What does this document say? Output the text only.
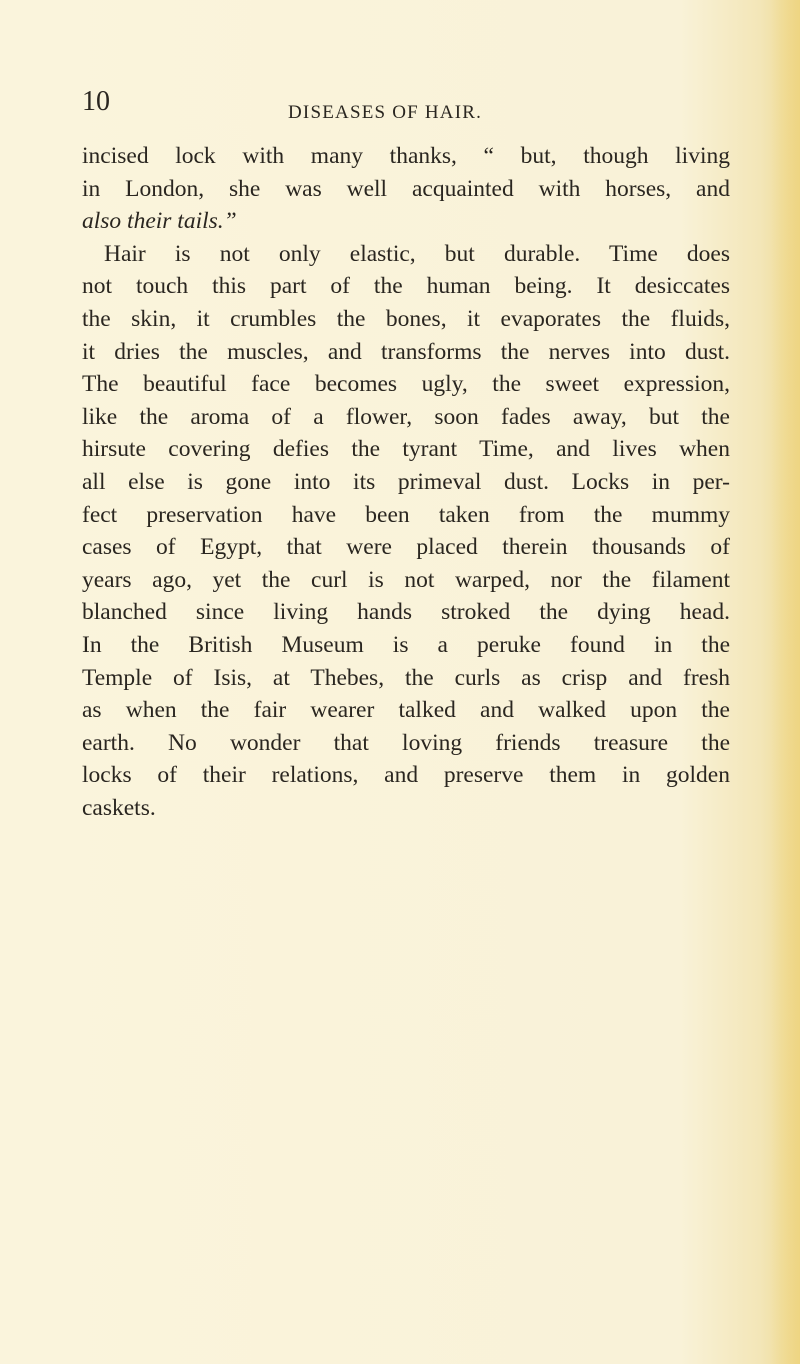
10	DISEASES OF HAIR.
incised lock with many thanks, “ but, though living
in London, she was well acquainted with horses, and
also their tails.”
Hair is not only elastic, but durable. Time does
not touch this part of the human being. It desiccates
the skin, it crumbles the bones, it evaporates the fluids,
it dries the muscles, and transforms the nerves into dust.
The beautiful face becomes ugly, the sweet expression,
like the aroma of a flower, soon fades away, but the
hirsute covering defies the tyrant Time, and lives when
all else is gone into its primeval dust. Locks in per-
fect preservation have been taken from the mummy
cases of Egypt, that were placed therein thousands of
years ago, yet the curl is not warped, nor the filament
blanched since living hands stroked the dying head.
In the British Museum is a peruke found in the
Temple of Isis, at Thebes, the curls as crisp and fresh
as when the fair wearer talked and walked upon the
earth. No wonder that loving friends treasure the
locks of their relations, and preserve them in golden
caskets.
